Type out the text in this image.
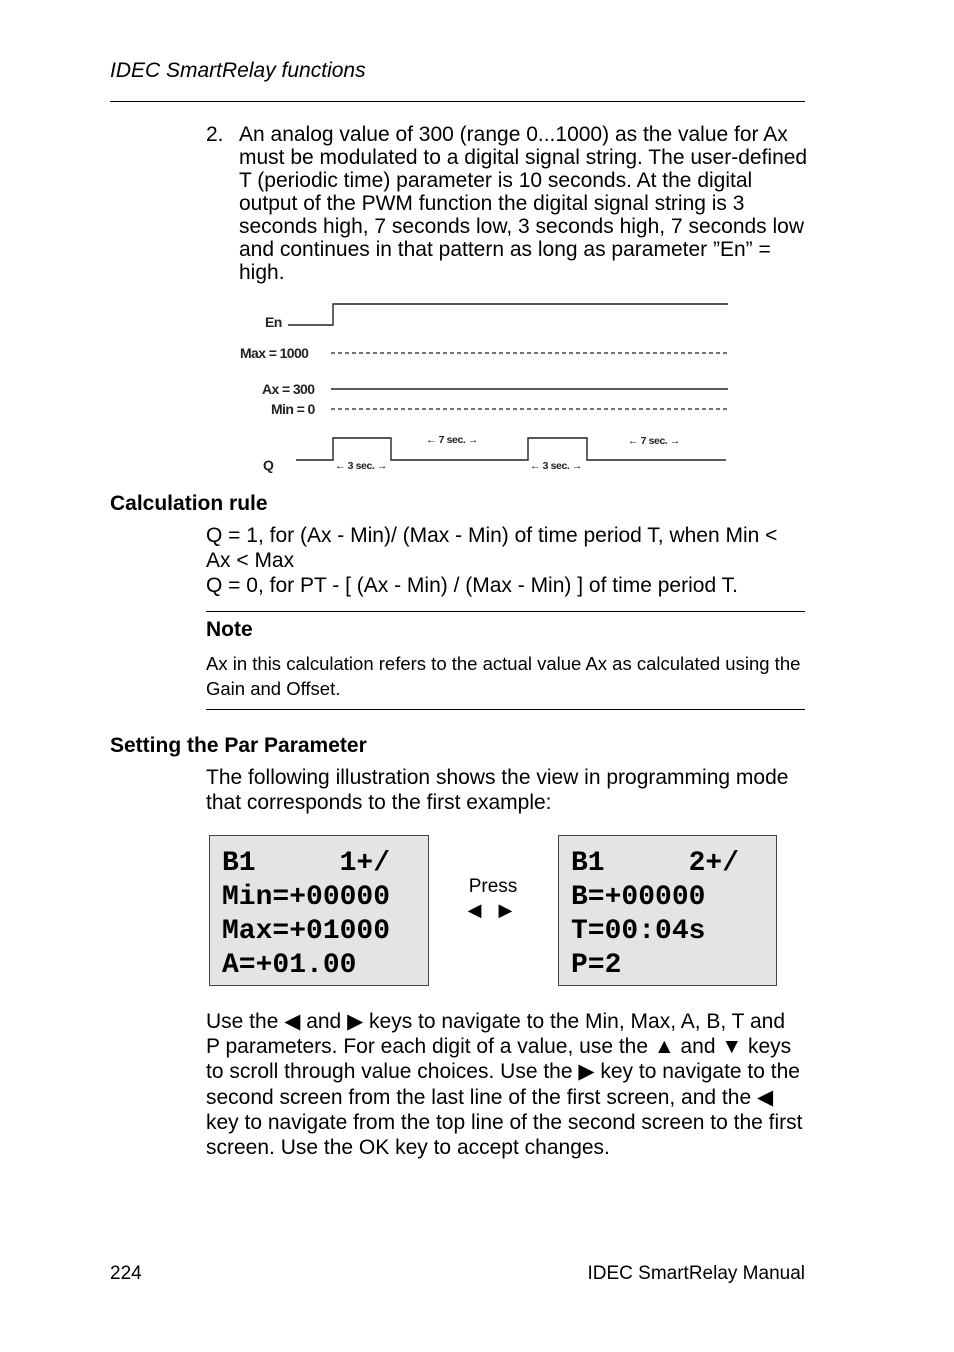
IDEC SmartRelay functions
2. An analog value of 300 (range 0...1000) as the value for Ax must be modulated to a digital signal string. The user-defined T (periodic time) parameter is 10 seconds. At the digital output of the PWM function the digital signal string is 3 seconds high, 7 seconds low, 3 seconds high, 7 seconds low and continues in that pattern as long as parameter ”En” = high.
En
Max = 1000
Ax = 300
Min = 0
Q	← 3 sec. →
← 7 sec. →
← 3 sec. →
← 7 sec. →
Calculation rule
Q = 1, for (Ax - Min)/ (Max - Min) of time period T, when Min < Ax < Max
Q = 0, for PT - [ (Ax - Min) / (Max - Min) ] of time period T.
Note
Ax in this calculation refers to the actual value Ax as calculated using the Gain and Offset.
Setting the Par Parameter
The following illustration shows the view in programming mode that corresponds to the first example:
B1     1+/
Min=+00000
Max=+01000
A=+01.00
Press
◀ ▶
B1     2+/
B=+00000
T=00:04s
P=2
Use the ◀ and ▶ keys to navigate to the Min, Max, A, B, T and P parameters. For each digit of a value, use the ▲ and ▼ keys to scroll through value choices. Use the ▶ key to navigate to the second screen from the last line of the first screen, and the ◀ key to navigate from the top line of the second screen to the first screen. Use the OK key to accept changes.
224	IDEC SmartRelay Manual
